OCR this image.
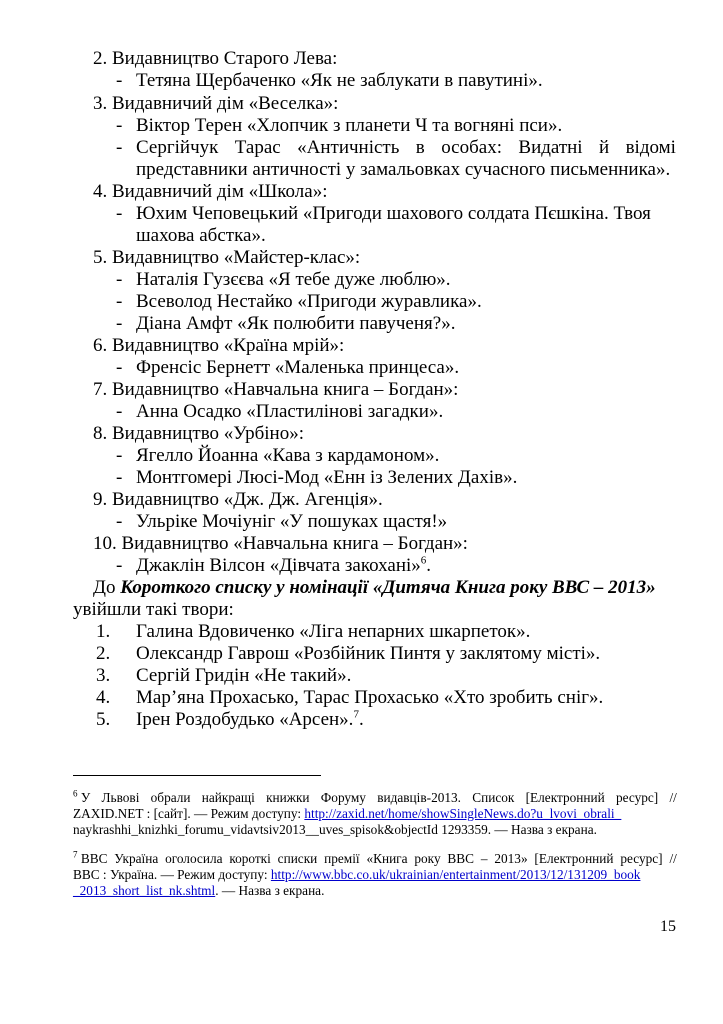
2. Видавництво Старого Лева:
- Тетяна Щербаченко «Як не заблукати в павутині».
3. Видавничий дім «Веселка»:
- Віктор Терен «Хлопчик з планети Ч та вогняні пси».
- Сергійчук Тарас «Античність в особах: Видатні й відомі
представники античності у замальовках сучасного письменника».
4. Видавничий дім «Школа»:
- Юхим Чеповецький «Пригоди шахового солдата Пєшкіна. Твоя
шахова абстка».
5. Видавництво «Майстер-клас»:
- Наталія Гузєєва «Я тебе дуже люблю».
- Всеволод Нестайко «Пригоди журавлика».
- Діана Амфт «Як полюбити павученя?».
6. Видавництво «Країна мрій»:
- Френсіс Бернетт «Маленька принцеса».
7. Видавництво «Навчальна книга – Богдан»:
- Анна Осадко «Пластилінові загадки».
8. Видавництво «Урбіно»:
- Ягелло Йоанна «Кава з кардамоном».
- Монтгомері Люсі-Мод «Енн із Зелених Дахів».
9. Видавництво «Дж. Дж. Агенція».
- Ульріке Мочіуніг «У пошуках щастя!»
10. Видавництво «Навчальна книга – Богдан»:
- Джаклін Вілсон «Дівчата закохані»$^6$.
До Короткого списку у номінації «Дитяча Книга року ВВС – 2013»
увійшли такі твори:
1. Галина Вдовиченко «Ліга непарних шкарпеток».
2. Олександр Гаврош «Розбійник Пинтя у заклятому місті».
3. Сергій Гридін «Не такий».
4. Мар’яна Прохасько, Тарас Прохасько «Хто зробить сніг».
5. Ірен Роздобудько «Арсен».$^7$.
$^6$ У Львові обрали найкращі книжки Форуму видавців-2013. Список [Електронний ресурс] //
ZAXID.NET : [сайт]. — Режим доступу: http://zaxid.net/home/showSingleNews.do?u_lvovi_obrali_
naykrashhi_knizhki_forumu_vidavtsiv2013__uves_spisok&objectId 1293359. — Назва з екрана.
$^7$ ВВС Україна оголосила короткі списки премії «Книга року ВВС – 2013» [Електронний ресурс] //
ВВС : Україна. — Режим доступу: http://www.bbc.co.uk/ukrainian/entertainment/2013/12/131209_book
_2013_short_list_nk.shtml. — Назва з екрана.
15
